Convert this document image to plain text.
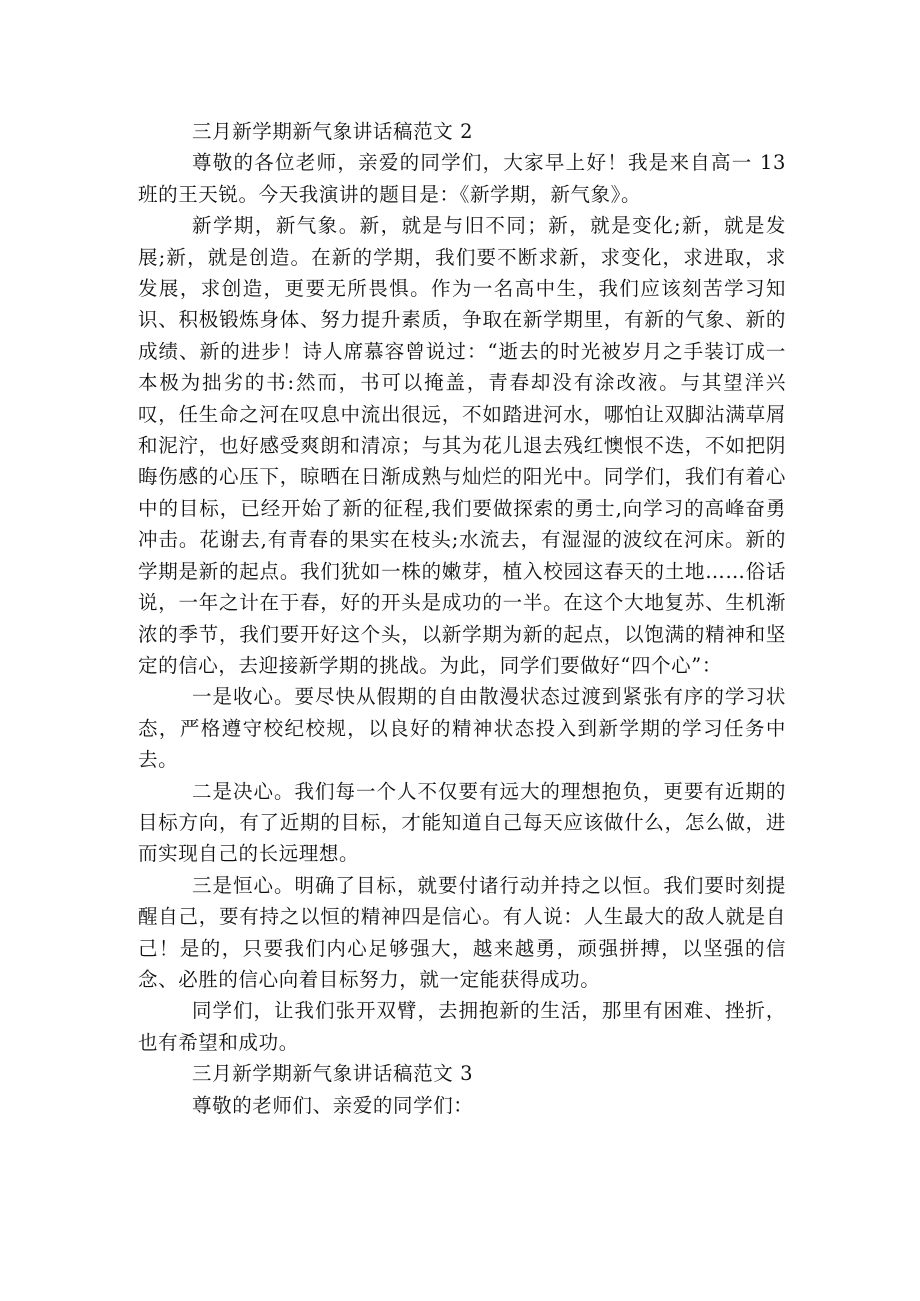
三月新学期新气象讲话稿范文 2

尊敬的各位老师，亲爱的同学们，大家早上好！我是来自高一 13 班的王天锐。今天我演讲的题目是：《新学期，新气象》。

新学期，新气象。新，就是与旧不同；新，就是变化;新，就是发展;新，就是创造。在新的学期，我们要不断求新，求变化，求进取，求发展，求创造，更要无所畏惧。作为一名高中生，我们应该刻苦学习知识、积极锻炼身体、努力提升素质，争取在新学期里，有新的气象、新的成绩、新的进步！诗人席慕容曾说过：“逝去的时光被岁月之手装订成一本极为拙劣的书:然而，书可以掩盖，青春却没有涂改液。与其望洋兴叹，任生命之河在叹息中流出很远，不如踏进河水，哪怕让双脚沾满草屑和泥泞，也好感受爽朗和清凉；与其为花儿退去残红懊恨不迭，不如把阴晦伤感的心压下，晾晒在日渐成熟与灿烂的阳光中。同学们，我们有着心中的目标，已经开始了新的征程,我们要做探索的勇士,向学习的高峰奋勇冲击。花谢去,有青春的果实在枝头;水流去，有湿湿的波纹在河床。新的学期是新的起点。我们犹如一株的嫩芽，植入校园这春天的土地……俗话说，一年之计在于春，好的开头是成功的一半。在这个大地复苏、生机渐浓的季节，我们要开好这个头，以新学期为新的起点，以饱满的精神和坚定的信心，去迎接新学期的挑战。为此，同学们要做好“四个心”：

一是收心。要尽快从假期的自由散漫状态过渡到紧张有序的学习状态，严格遵守校纪校规，以良好的精神状态投入到新学期的学习任务中去。

二是决心。我们每一个人不仅要有远大的理想抱负，更要有近期的目标方向，有了近期的目标，才能知道自己每天应该做什么，怎么做，进而实现自己的长远理想。

三是恒心。明确了目标，就要付诸行动并持之以恒。我们要时刻提醒自己，要有持之以恒的精神四是信心。有人说：人生最大的敌人就是自己！是的，只要我们内心足够强大，越来越勇，顽强拼搏，以坚强的信念、必胜的信心向着目标努力，就一定能获得成功。

同学们，让我们张开双臂，去拥抱新的生活，那里有困难、挫折，也有希望和成功。

三月新学期新气象讲话稿范文 3

尊敬的老师们、亲爱的同学们：
